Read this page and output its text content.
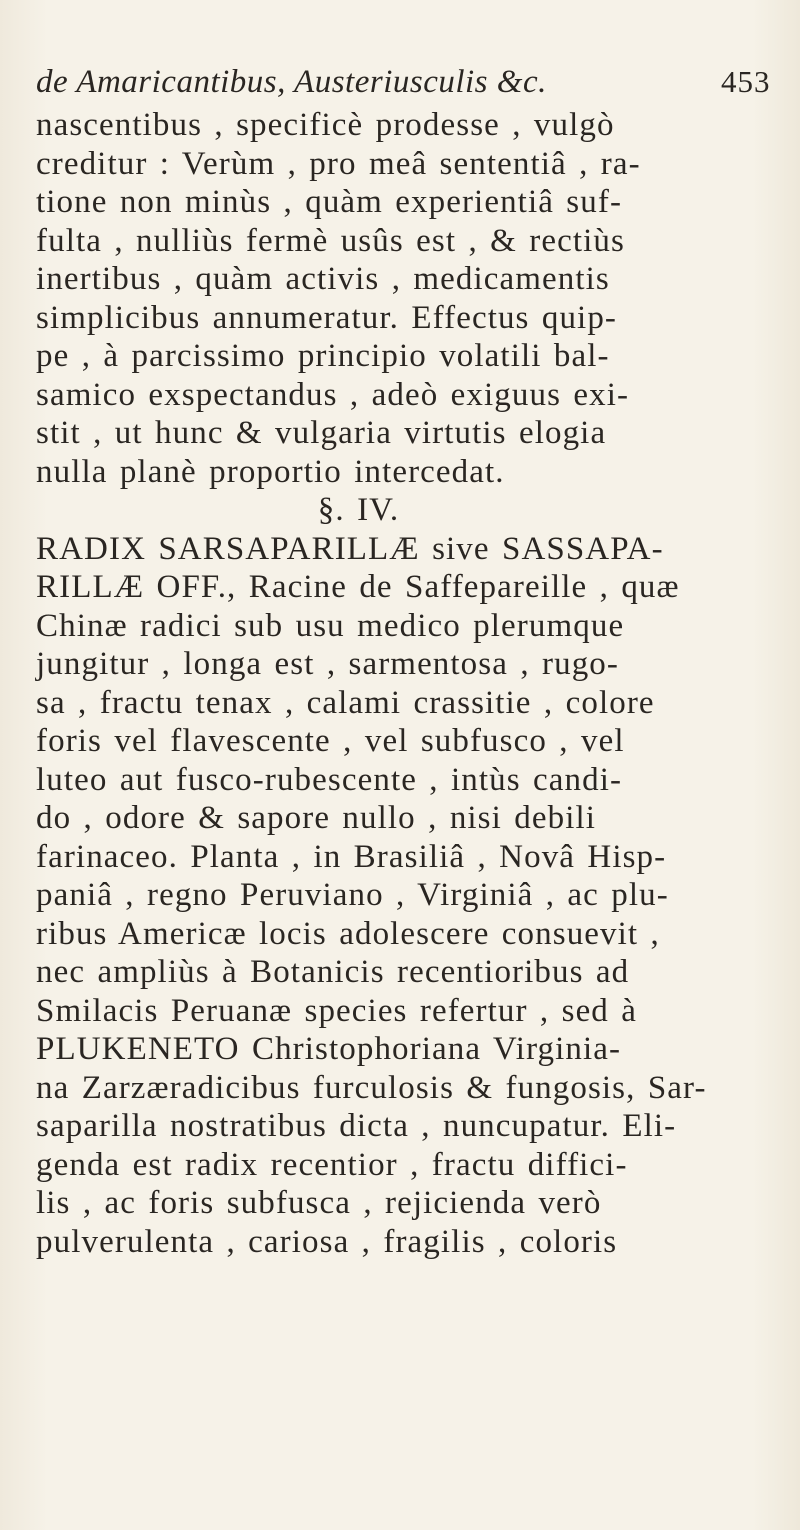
de Amaricantibus, Austeriusculis &c.	453
nascentibus , specificè prodesse , vulgò
creditur : Verùm , pro meâ sententiâ , ra-
tione non minùs , quàm experientiâ suf-
fulta , nulliùs fermè usûs est , & rectiùs
inertibus , quàm activis , medicamentis
simplicibus annumeratur. Effectus quip-
pe , à parcissimo principio volatili bal-
samico exspectandus , adeò exiguus exi-
stit , ut hunc & vulgaria virtutis elogia
nulla planè proportio intercedat.
§. IV.
RADIX SARSAPARILLÆ sive SASSAPA-
RILLÆ OFF., Racine de Saffepareille , quæ
Chinæ radici sub usu medico plerumque
jungitur , longa est , sarmentosa , rugo-
sa , fractu tenax , calami crassitie , colore
foris vel flavescente , vel subfusco , vel
luteo aut fusco-rubescente , intùs candi-
do , odore & sapore nullo , nisi debili
farinaceo. Planta , in Brasiliâ , Novâ Hisp-
paniâ , regno Peruviano , Virginiâ , ac plu-
ribus Americæ locis adolescere consuevit ,
nec ampliùs à Botanicis recentioribus ad
Smilacis Peruanæ species refertur , sed à
PLUKENETO Christophoriana Virginia-
na Zarzæradicibus furculosis & fungosis, Sar-
saparilla nostratibus dicta , nuncupatur. Eli-
genda est radix recentior , fractu diffici-
lis , ac foris subfusca , rejicienda verò
pulverulenta , cariosa , fragilis , coloris
